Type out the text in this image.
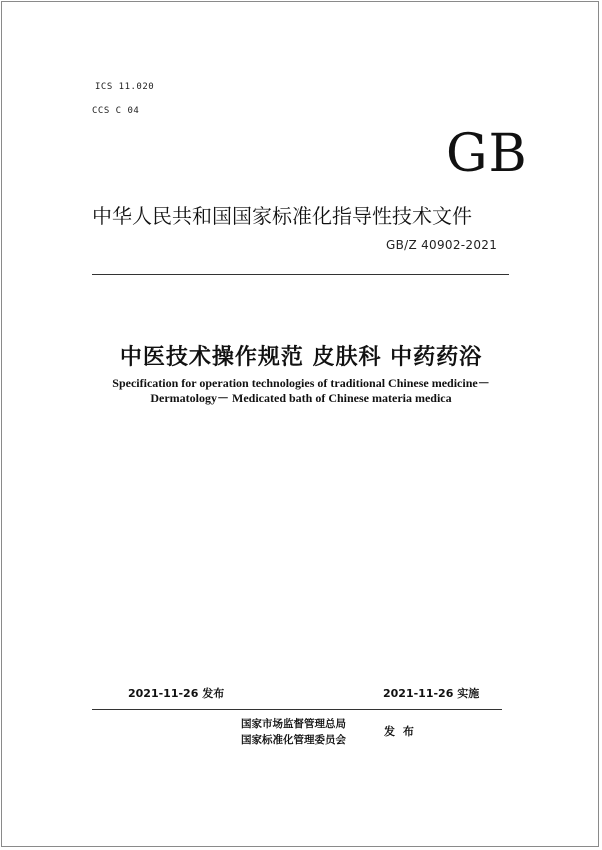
ICS 11.020
CCS C 04
GB
中华人民共和国国家标准化指导性技术文件
GB/Z 40902-2021
中医技术操作规范 皮肤科 中药药浴
Specification for operation technologies of traditional Chinese medicine－
Dermatology－ Medicated bath of Chinese materia medica
2021-11-26 发布	2021-11-26 实施
国家市场监督管理总局
国家标准化管理委员会
发 布
